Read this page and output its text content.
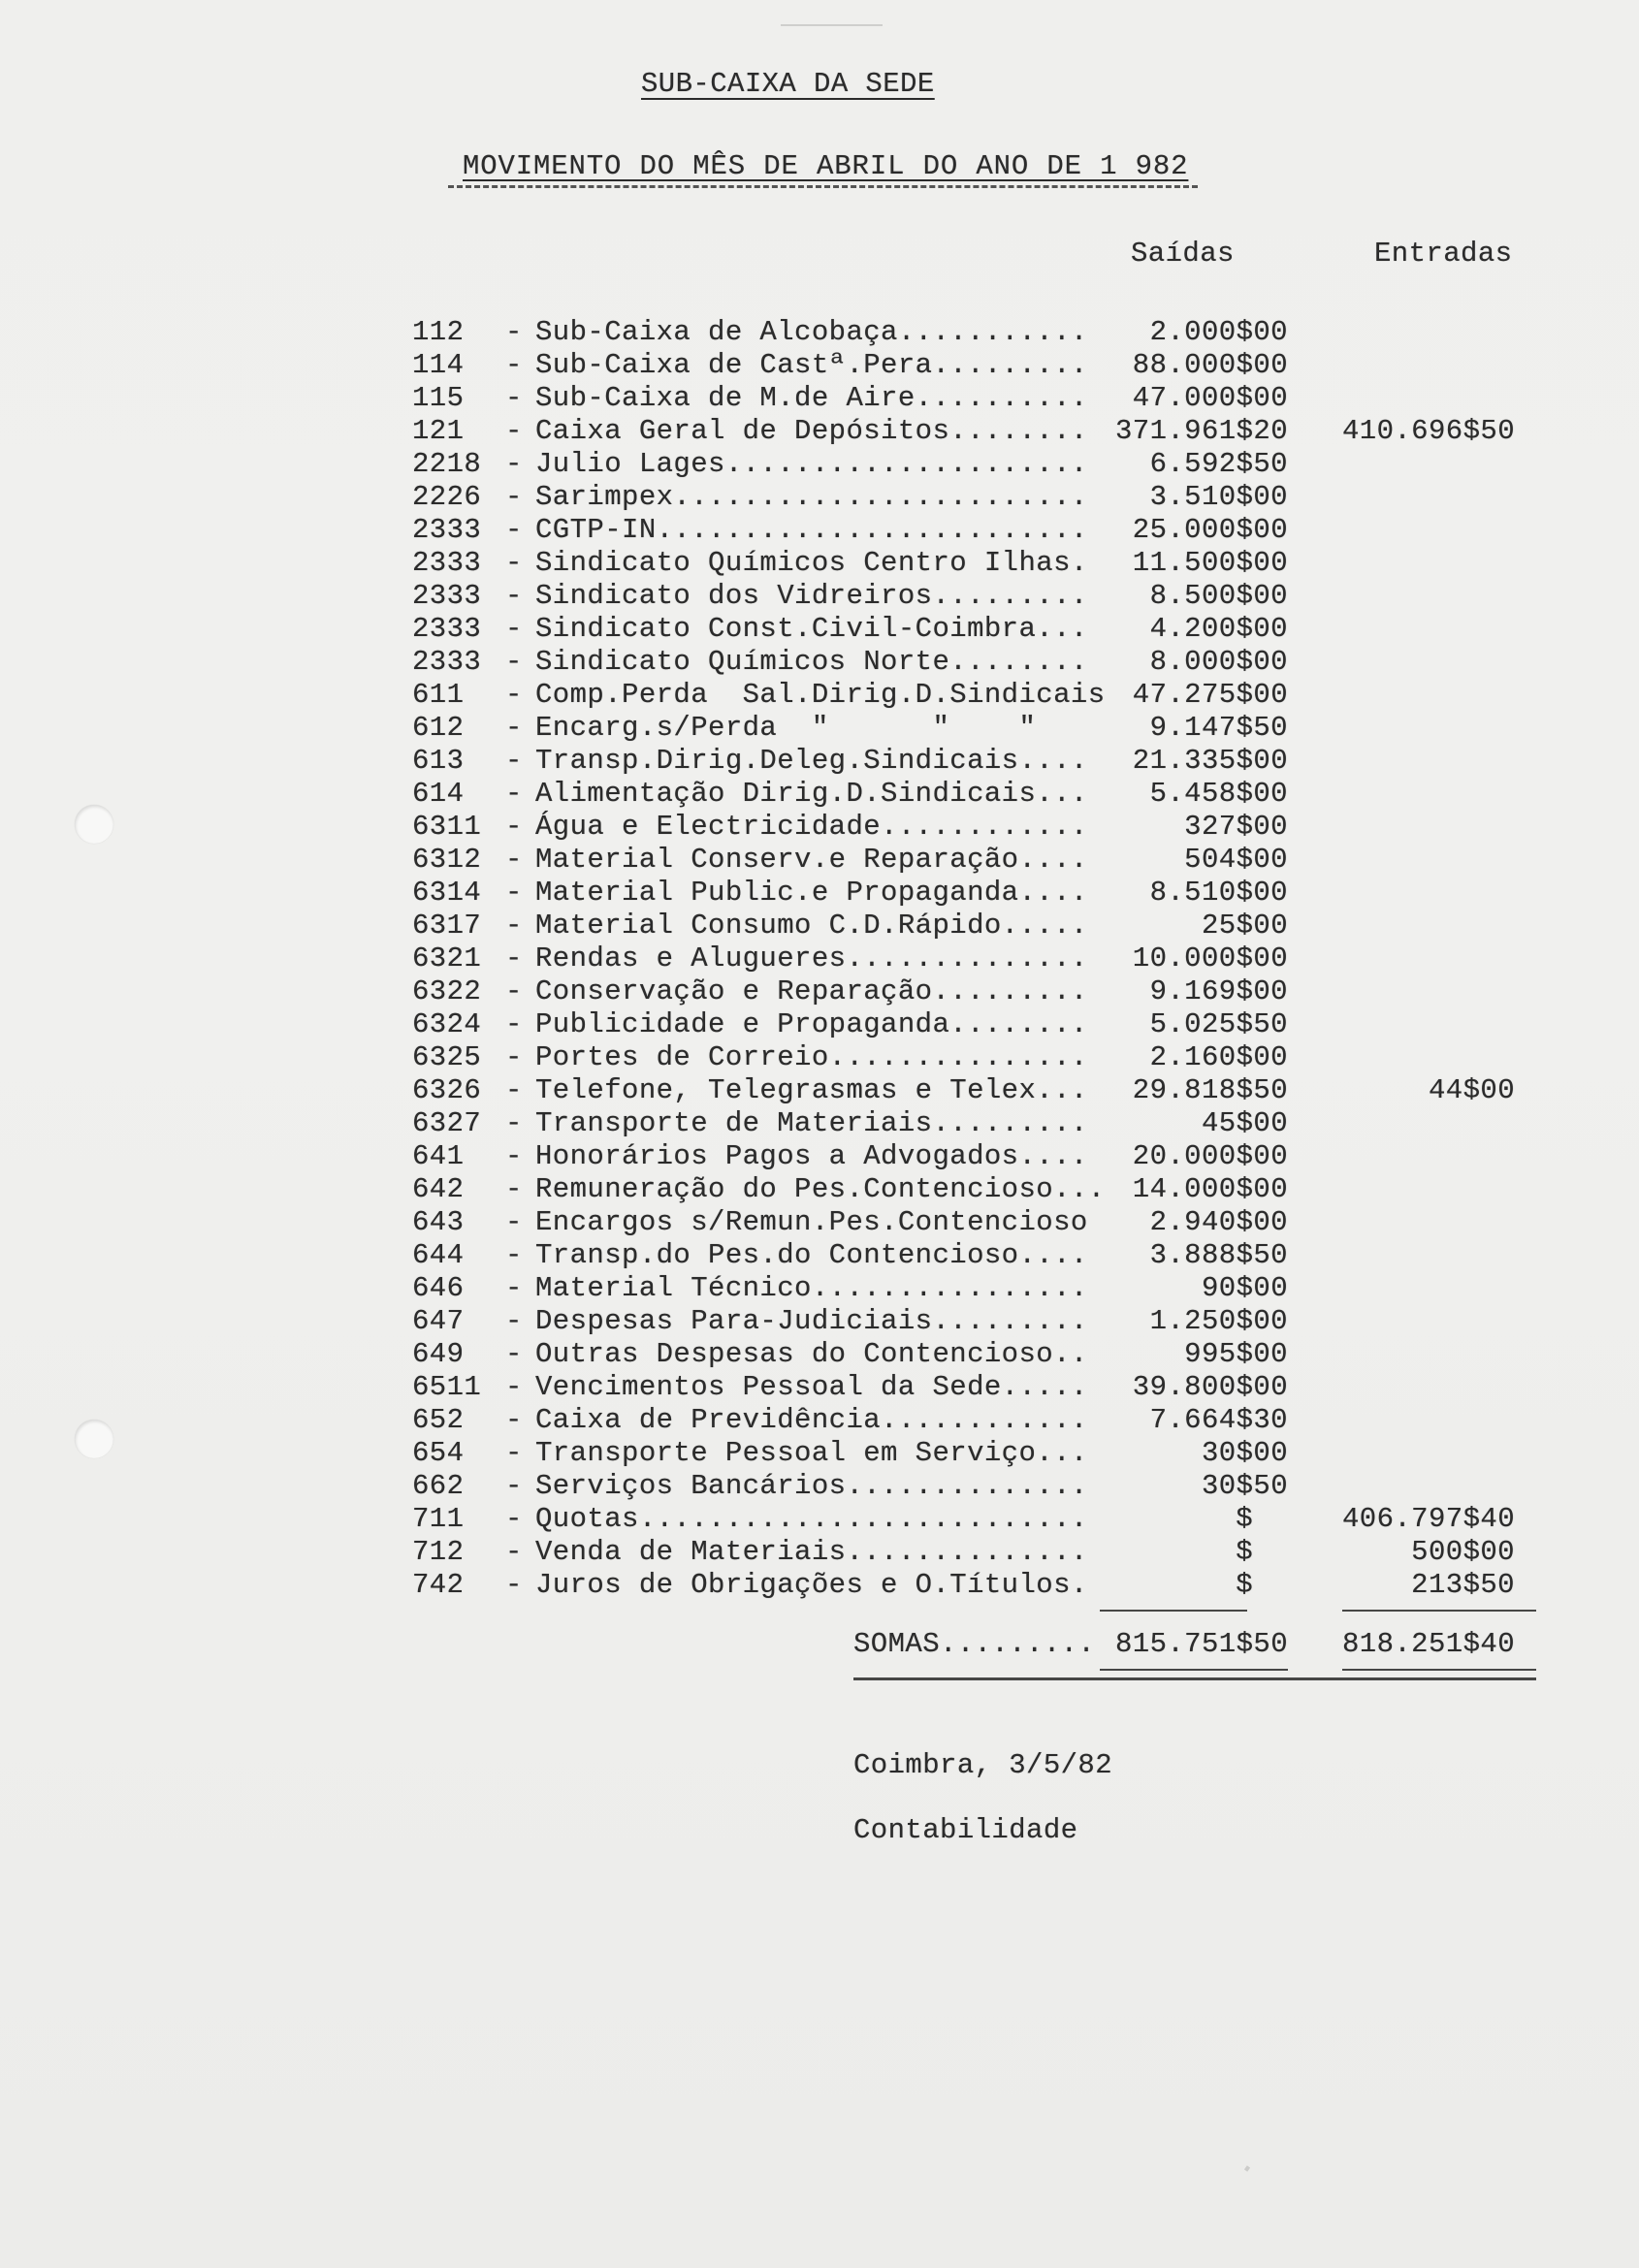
SUB-CAIXA DA SEDE
MOVIMENTO DO MÊS DE ABRIL DO ANO DE 1 982
Saídas	Entradas
112 - Sub-Caixa de Alcobaça........... 2.000$00
114 - Sub-Caixa de Castª.Pera......... 88.000$00
115 - Sub-Caixa de M.de Aire.......... 47.000$00
121 - Caixa Geral de Depósitos........ 371.961$20 410.696$50
2218 - Julio Lages..................... 6.592$50
2226 - Sarimpex........................ 3.510$00
2333 - CGTP-IN......................... 25.000$00
2333 - Sindicato Químicos Centro Ilhas. 11.500$00
2333 - Sindicato dos Vidreiros......... 8.500$00
2333 - Sindicato Const.Civil-Coimbra... 4.200$00
2333 - Sindicato Químicos Norte........ 8.000$00
611 - Comp.Perda  Sal.Dirig.D.Sindicais 47.275$00
612 - Encarg.s/Perda  "      "    "	9.147$50
613 - Transp.Dirig.Deleg.Sindicais.... 21.335$00
614 - Alimentação Dirig.D.Sindicais... 5.458$00
6311 - Água e Electricidade............	327$00
6312 - Material Conserv.e Reparação....	504$00
6314 - Material Public.e Propaganda.... 8.510$00
6317 - Material Consumo C.D.Rápido.....	25$00
6321 - Rendas e Alugueres.............. 10.000$00
6322 - Conservação e Reparação......... 9.169$00
6324 - Publicidade e Propaganda........ 5.025$50
6325 - Portes de Correio............... 2.160$00
6326 - Telefone, Telegrasmas e Telex... 29.818$50	44$00
6327 - Transporte de Materiais.........	45$00
641 - Honorários Pagos a Advogados.... 20.000$00
642 - Remuneração do Pes.Contencioso... 14.000$00
643 - Encargos s/Remun.Pes.Contencioso 2.940$00
644 - Transp.do Pes.do Contencioso.... 3.888$50
646 - Material Técnico................	90$00
647 - Despesas Para-Judiciais......... 1.250$00
649 - Outras Despesas do Contencioso..	995$00
6511 - Vencimentos Pessoal da Sede..... 39.800$00
652 - Caixa de Previdência............ 7.664$30
654 - Transporte Pessoal em Serviço...	30$00
662 - Serviços Bancários..............	30$50
711 - Quotas..........................	$	406.797$40
712 - Venda de Materiais..............	$	500$00
742 - Juros de Obrigações e O.Títulos.	$	213$50
SOMAS......... 815.751$50 818.251$40
Coimbra, 3/5/82
Contabilidade
